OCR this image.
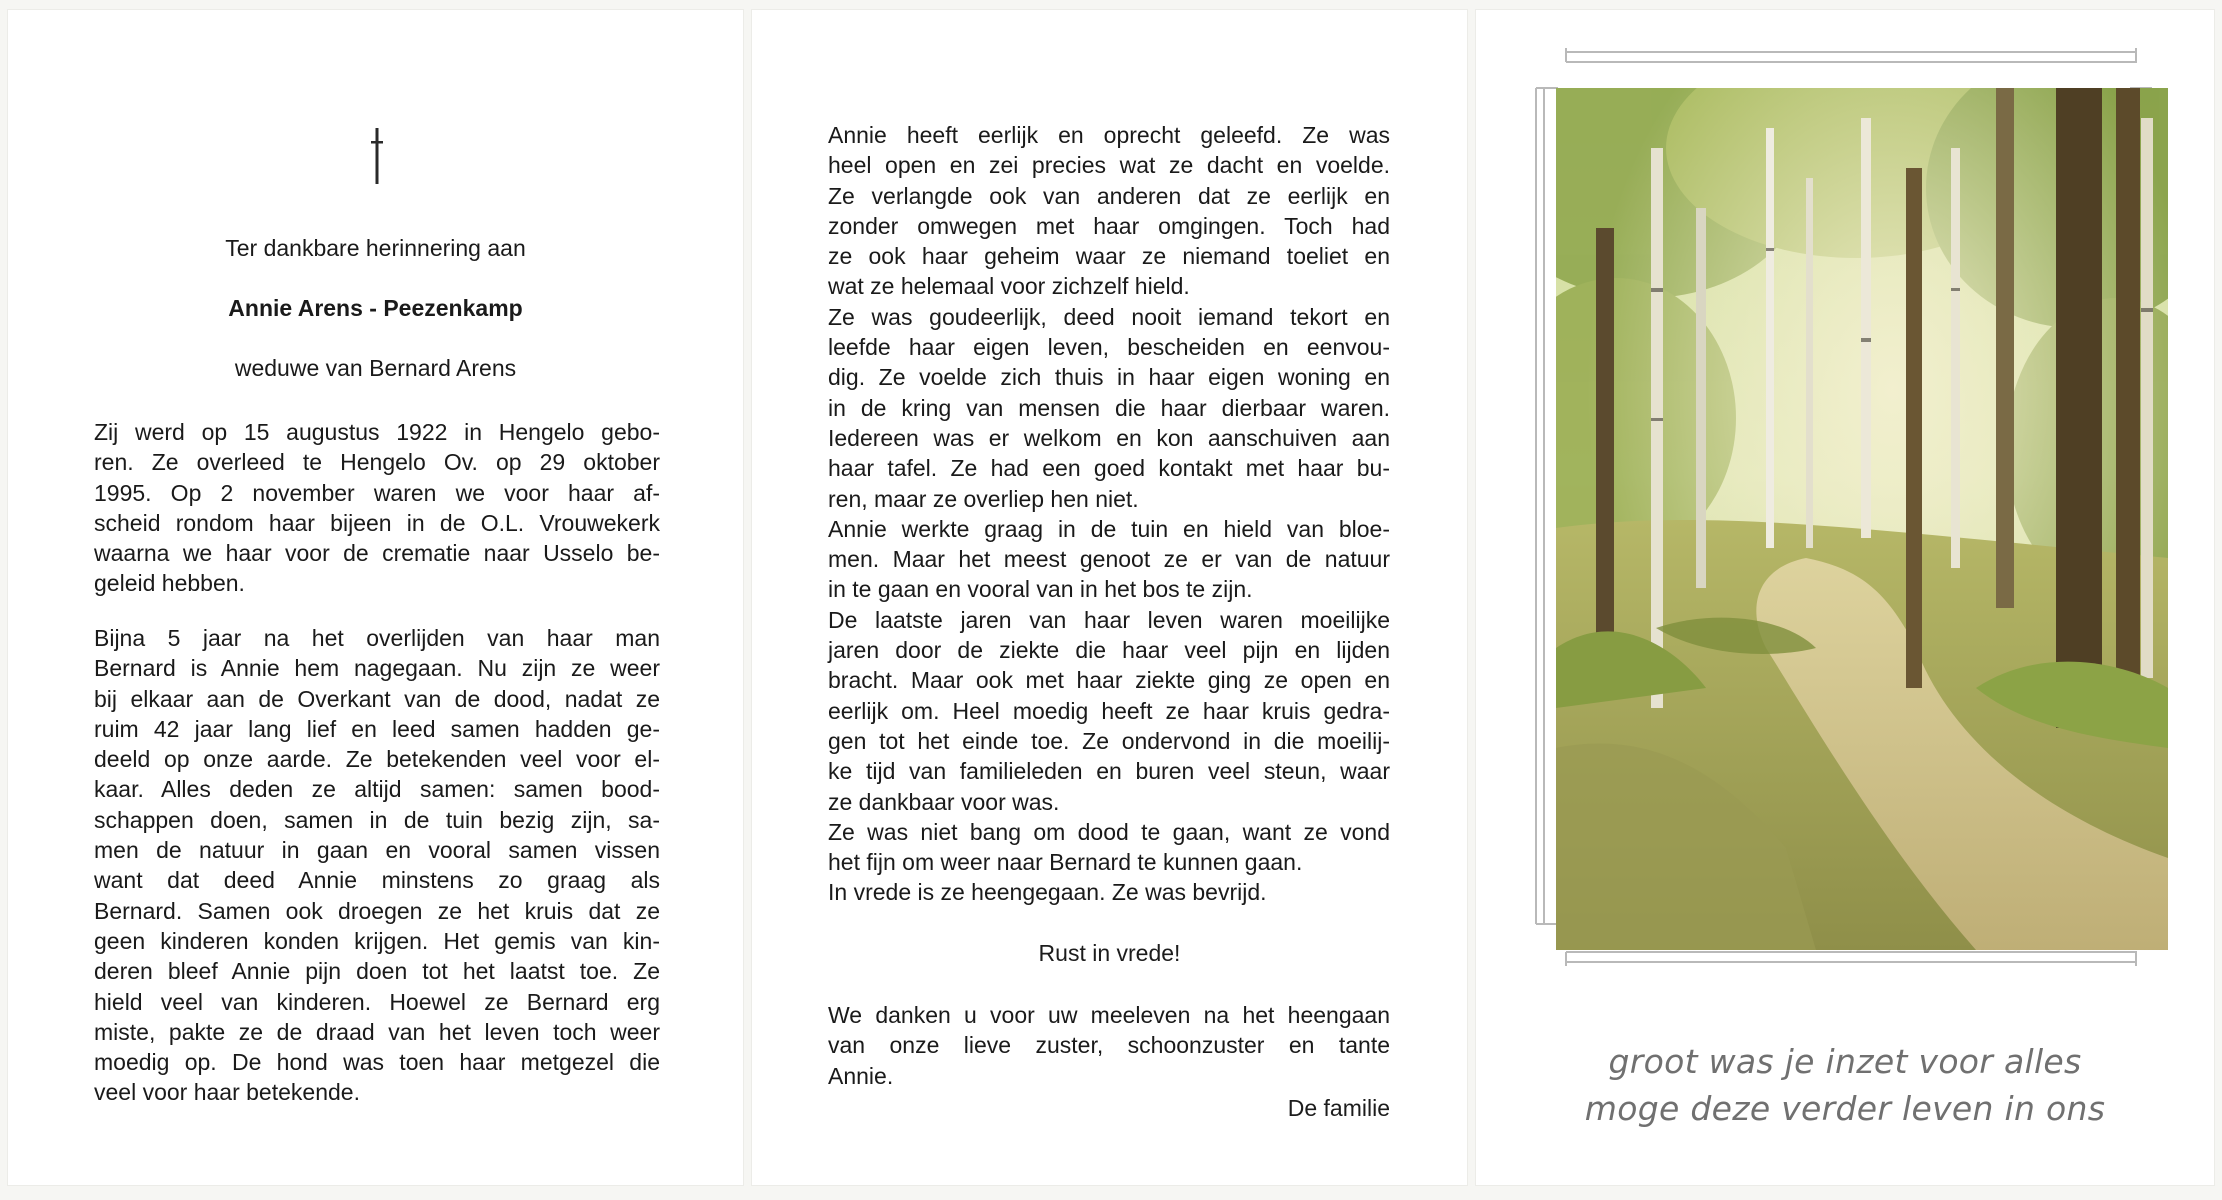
Ter dankbare herinnering aan
Annie Arens - Peezenkamp
weduwe van Bernard Arens
Zij werd op 15 augustus 1922 in Hengelo gebo-
ren. Ze overleed te Hengelo Ov. op 29 oktober
1995. Op 2 november waren we voor haar af-
scheid rondom haar bijeen in de O.L. Vrouwekerk
waarna we haar voor de crematie naar Usselo be-
geleid hebben.
Bijna 5 jaar na het overlijden van haar man
Bernard is Annie hem nagegaan. Nu zijn ze weer
bij elkaar aan de Overkant van de dood, nadat ze
ruim 42 jaar lang lief en leed samen hadden ge-
deeld op onze aarde. Ze betekenden veel voor el-
kaar. Alles deden ze altijd samen: samen bood-
schappen doen, samen in de tuin bezig zijn, sa-
men de natuur in gaan en vooral samen vissen
want dat deed Annie minstens zo graag als
Bernard. Samen ook droegen ze het kruis dat ze
geen kinderen konden krijgen. Het gemis van kin-
deren bleef Annie pijn doen tot het laatst toe. Ze
hield veel van kinderen. Hoewel ze Bernard erg
miste, pakte ze de draad van het leven toch weer
moedig op. De hond was toen haar metgezel die
veel voor haar betekende.
Annie heeft eerlijk en oprecht geleefd. Ze was
heel open en zei precies wat ze dacht en voelde.
Ze verlangde ook van anderen dat ze eerlijk en
zonder omwegen met haar omgingen. Toch had
ze ook haar geheim waar ze niemand toeliet en
wat ze helemaal voor zichzelf hield.
Ze was goudeerlijk, deed nooit iemand tekort en
leefde haar eigen leven, bescheiden en eenvou-
dig. Ze voelde zich thuis in haar eigen woning en
in de kring van mensen die haar dierbaar waren.
Iedereen was er welkom en kon aanschuiven aan
haar tafel. Ze had een goed kontakt met haar bu-
ren, maar ze overliep hen niet.
Annie werkte graag in de tuin en hield van bloe-
men. Maar het meest genoot ze er van de natuur
in te gaan en vooral van in het bos te zijn.
De laatste jaren van haar leven waren moeilijke
jaren door de ziekte die haar veel pijn en lijden
bracht. Maar ook met haar ziekte ging ze open en
eerlijk om. Heel moedig heeft ze haar kruis gedra-
gen tot het einde toe. Ze ondervond in die moeilij-
ke tijd van familieleden en buren veel steun, waar
ze dankbaar voor was.
Ze was niet bang om dood te gaan, want ze vond
het fijn om weer naar Bernard te kunnen gaan.
In vrede is ze heengegaan. Ze was bevrijd.
Rust in vrede!
We danken u voor uw meeleven na het heengaan
van onze lieve zuster, schoonzuster en tante
Annie.
De familie
groot was je inzet voor alles
moge deze verder leven in ons
